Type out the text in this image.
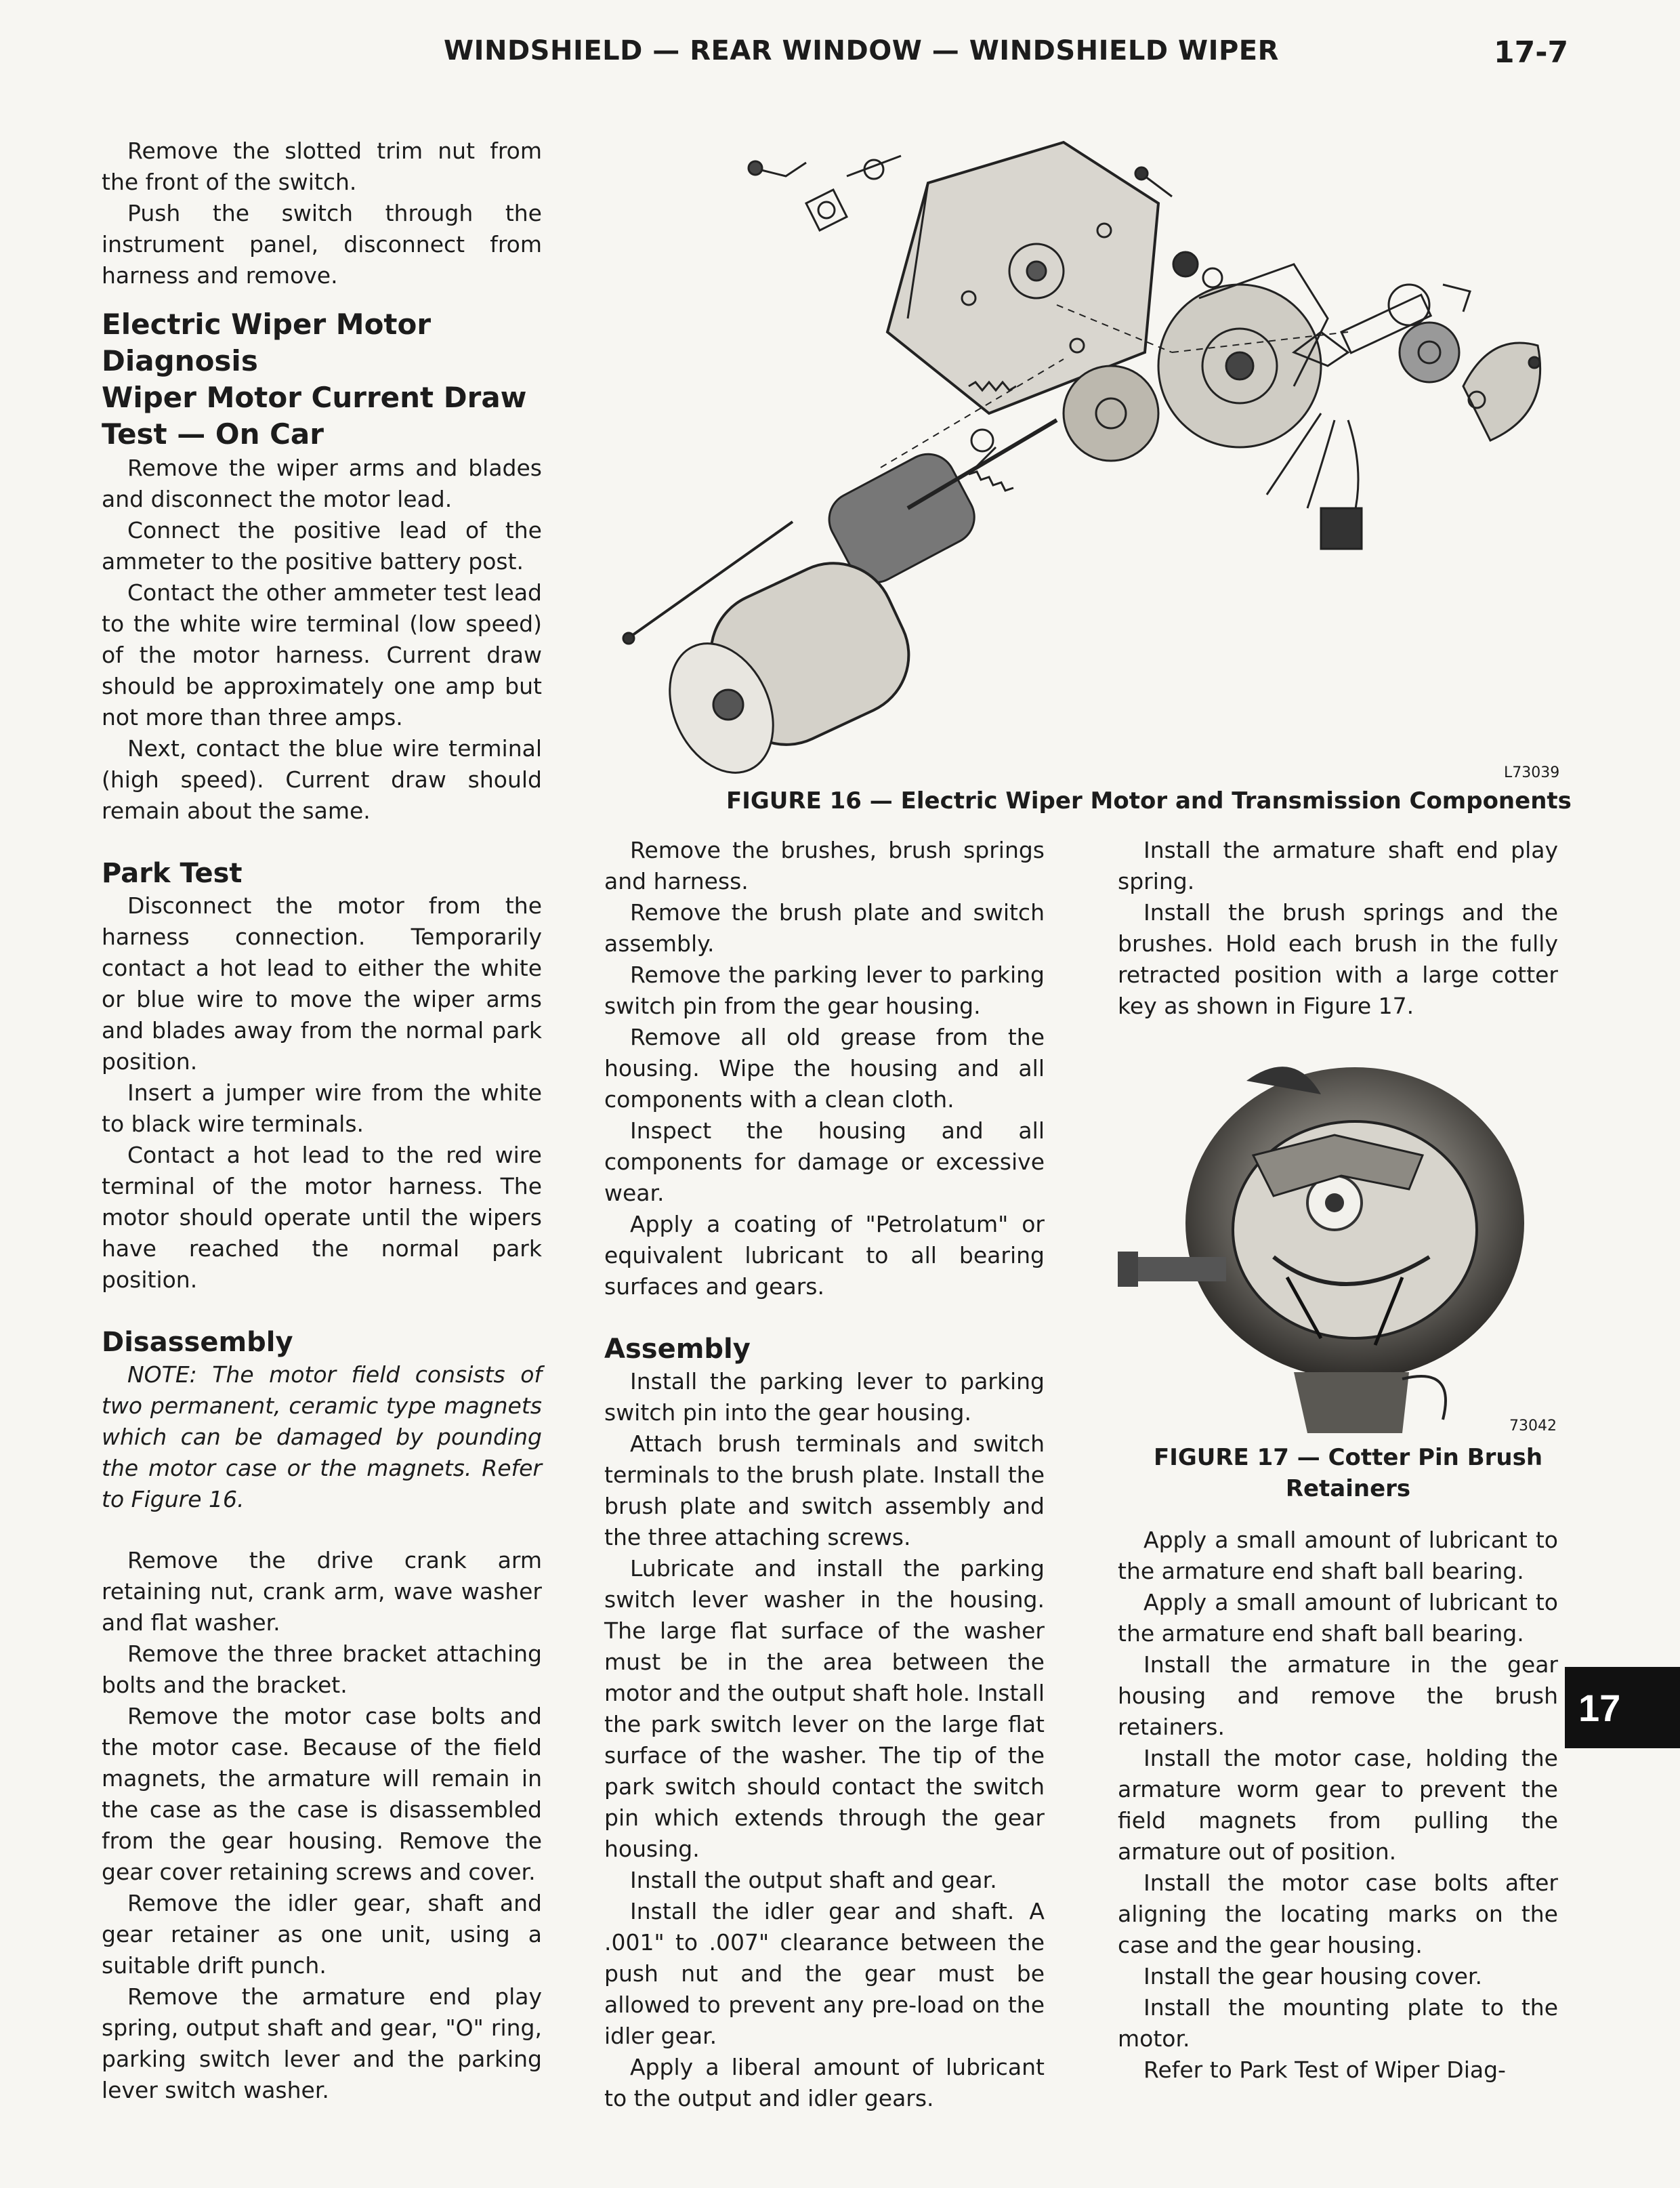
WINDSHIELD — REAR WINDOW — WINDSHIELD WIPER	17-7

Remove the slotted trim nut from the front of the switch.

Push the switch through the instrument panel, disconnect from harness and remove.

Electric Wiper Motor
Diagnosis
Wiper Motor Current Draw
Test — On Car

Remove the wiper arms and blades and disconnect the motor lead.

Connect the positive lead of the ammeter to the positive battery post.

Contact the other ammeter test lead to the white wire terminal (low speed) of the motor harness. Current draw should be approximately one amp but not more than three amps.

Next, contact the blue wire terminal (high speed). Current draw should remain about the same.

Park Test

Disconnect the motor from the harness connection. Temporarily contact a hot lead to either the white or blue wire to move the wiper arms and blades away from the normal park position.

Insert a jumper wire from the white to black wire terminals.

Contact a hot lead to the red wire terminal of the motor harness. The motor should operate until the wipers have reached the normal park position.

Disassembly

NOTE: The motor field consists of two permanent, ceramic type magnets which can be damaged by pounding the motor case or the magnets. Refer to Figure 16.

Remove the drive crank arm retaining nut, crank arm, wave washer and flat washer.

Remove the three bracket attaching bolts and the bracket.

Remove the motor case bolts and the motor case. Because of the field magnets, the armature will remain in the case as the case is disassembled from the gear housing. Remove the gear cover retaining screws and cover.

Remove the idler gear, shaft and gear retainer as one unit, using a suitable drift punch.

Remove the armature end play spring, output shaft and gear, "O" ring, parking switch lever and the parking lever switch washer.

L73039
FIGURE 16 — Electric Wiper Motor and Transmission Components

Remove the brushes, brush springs and harness.

Remove the brush plate and switch assembly.

Remove the parking lever to parking switch pin from the gear housing.

Remove all old grease from the housing. Wipe the housing and all components with a clean cloth.

Inspect the housing and all components for damage or excessive wear.

Apply a coating of "Petrolatum" or equivalent lubricant to all bearing surfaces and gears.

Assembly

Install the parking lever to parking switch pin into the gear housing.

Attach brush terminals and switch terminals to the brush plate. Install the brush plate and switch assembly and the three attaching screws.

Lubricate and install the parking switch lever washer in the housing. The large flat surface of the washer must be in the area between the motor and the output shaft hole. Install the park switch lever on the large flat surface of the washer. The tip of the park switch should contact the switch pin which extends through the gear housing.

Install the output shaft and gear.

Install the idler gear and shaft. A .001" to .007" clearance between the push nut and the gear must be allowed to prevent any pre-load on the idler gear.

Apply a liberal amount of lubricant to the output and idler gears.

Install the armature shaft end play spring.

Install the brush springs and the brushes. Hold each brush in the fully retracted position with a large cotter key as shown in Figure 17.

73042
FIGURE 17 — Cotter Pin Brush Retainers

Apply a small amount of lubricant to the armature end shaft ball bearing.

Apply a small amount of lubricant to the armature end shaft ball bearing.

Install the armature in the gear housing and remove the brush retainers.

Install the motor case, holding the armature worm gear to prevent the field magnets from pulling the armature out of position.

Install the motor case bolts after aligning the locating marks on the case and the gear housing.

Install the gear housing cover.

Install the mounting plate to the motor.

Refer to Park Test of Wiper Diag-

17
